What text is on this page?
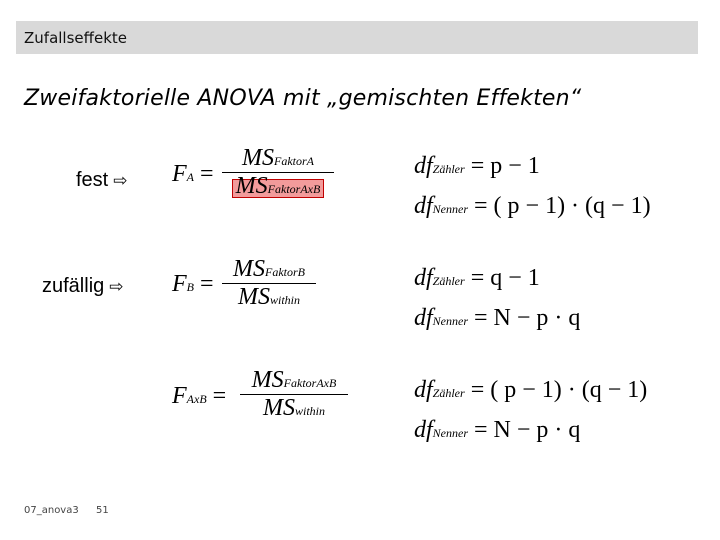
Zufallseffekte
Zweifaktorielle ANOVA mit „gemischten Effekten“
fest ⇨
zufällig ⇨
FA =
MSFaktorA
MSFaktorAxB
dfZähler = p − 1
dfNenner = ( p − 1) · (q − 1)
FB =
MSFaktorB
MSwithin
dfZähler = q − 1
dfNenner = N − p · q
FAxB =
MSFaktorAxB
MSwithin
dfZähler = ( p − 1) · (q − 1)
dfNenner = N − p · q
07_anova3 51
